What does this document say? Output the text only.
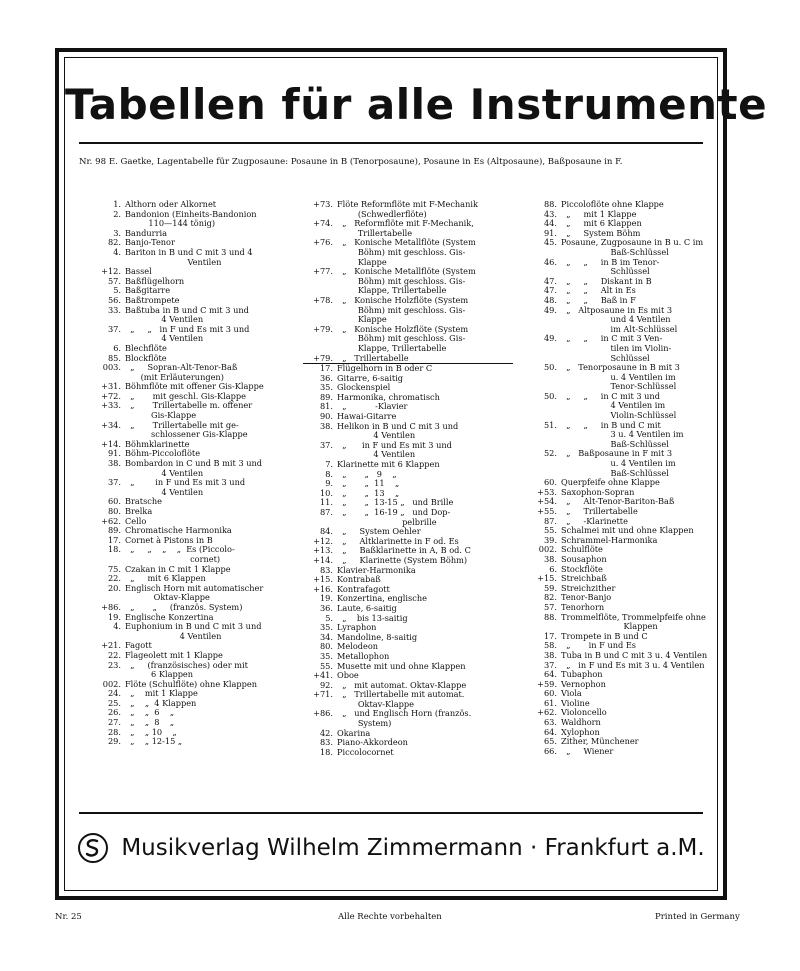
Tabellen für alle Instrumente
Nr. 98 E. Gaetke, Lagentabelle für Zugposaune: Posaune in B (Tenorposaune), Posaune in Es (Altposaune), Baßposaune in F.
1. Althorn oder Alkornet
2. Bandonion (Einheits-Bandonion
110—144 tönig)
3. Bandurria
82. Banjo-Tenor
4. Bariton in B und C mit 3 und 4
Ventilen
+12. Bassel
57. Baßflügelhorn
5. Baßgitarre
56. Baßtrompete
33. Baßtuba in B und C mit 3 und
4 Ventilen
37. „     „   in F und Es mit 3 und
4 Ventilen
6. Blechflöte
85. Blockflöte
003. „     Sopran-Alt-Tenor-Baß
(mit Erläuterungen)
+31. Böhmflöte mit offener Gis-Klappe
+72. „       mit geschl. Gis-Klappe
+33. „       Trillertabelle m. offener
Gis-Klappe
+34. „       Trillertabelle mit ge-
schlossener Gis-Klappe
+14. Böhmklarinette
91. Böhm-Piccoloflöte
38. Bombardon in C und B mit 3 und
4 Ventilen
37. „        in F und Es mit 3 und
4 Ventilen
60. Bratsche
80. Brelka
+62. Cello
89. Chromatische Harmonika
17. Cornet à Pistons in B
18. „     „    „    „  Es (Piccolo-
cornet)
75. Czakan in C mit 1 Klappe
22. „     mit 6 Klappen
20. Englisch Horn mit automatischer
Oktav-Klappe
+86. „       „     (französ. System)
19. Englische Konzertina
4. Euphonium in B und C mit 3 und
4 Ventilen
+21. Fagott
22. Flageolett mit 1 Klappe
23. „     (französisches) oder mit
6 Klappen
002. Flöte (Schulflöte) ohne Klappen
24. „    mit 1 Klappe
25. „    „  4 Klappen
26. „    „  6    „
27. „    „  8    „
28. „    „ 10    „
29. „    „ 12-15 „
+73. Flöte Reformflöte mit F-Mechanik
(Schwedlerflöte)
+74. „   Reformflöte mit F-Mechanik,
Trillertabelle
+76. „   Konische Metallflöte (System
Böhm) mit geschloss. Gis-
Klappe
+77. „   Konische Metallflöte (System
Böhm) mit geschloss. Gis-
Klappe, Trillertabelle
+78. „   Konische Holzflöte (System
Böhm) mit geschloss. Gis-
Klappe
+79. „   Konische Holzflöte (System
Böhm) mit geschloss. Gis-
Klappe, Trillertabelle
+79. „   Trillertabelle
17. Flügelhorn in B oder C
36. Gitarre, 6-saitig
35. Glockenspiel
89. Harmonika, chromatisch
81. „           -Klavier
90. Hawai-Gitarre
38. Helikon in B und C mit 3 und
4 Ventilen
37. „      in F und Es mit 3 und
4 Ventilen
7. Klarinette mit 6 Klappen
8. „       „   9    „
9. „       „  11    „
10. „       „  13    „
11. „       „  13-15 „   und Brille
87. „       „  16-19 „   und Dop-
pelbrille
84. „     System Oehler
+12. „     Altklarinette in F od. Es
+13. „     Baßklarinette in A, B od. C
+14. „     Klarinette (System Böhm)
83. Klavier-Harmonika
+15. Kontrabaß
+16. Kontrafagott
19. Konzertina, englische
36. Laute, 6-saitig
5. „    bis 13-saitig
35. Lyraphon
34. Mandoline, 8-saitig
80. Melodeon
35. Metallophon
55. Musette mit und ohne Klappen
+41. Oboe
92. „   mit automat. Oktav-Klappe
+71. „   Trillertabelle mit automat.
Oktav-Klappe
+86. „   und Englisch Horn (französ.
System)
42. Okarina
83. Piano-Akkordeon
18. Piccolocornet
88. Piccoloflöte ohne Klappe
43. „     mit 1 Klappe
44. „     mit 6 Klappen
91. „     System Böhm
45. Posaune, Zugposaune in B u. C im
Baß-Schlüssel
46. „     „     in B im Tenor-
Schlüssel
47. „     „     Diskant in B
47. „     „     Alt in Es
48. „     „     Baß in F
49. „   Altposaune in Es mit 3
und 4 Ventilen
im Alt-Schlüssel
49. „     „     in C mit 3 Ven-
tilen im Violin-
Schlüssel
50. „   Tenorposaune in B mit 3
u. 4 Ventilen im
Tenor-Schlüssel
50. „     „     in C mit 3 und
4 Ventilen im
Violin-Schlüssel
51. „     „     in B und C mit
3 u. 4 Ventilen im
Baß-Schlüssel
52. „   Baßposaune in F mit 3
u. 4 Ventilen im
Baß-Schlüssel
60. Querpfeife ohne Klappe
+53. Saxophon-Sopran
+54. „     Alt-Tenor-Bariton-Baß
+55. „     Trillertabelle
87. „     -Klarinette
55. Schalmei mit und ohne Klappen
39. Schrammel-Harmonika
002. Schulflöte
38. Sousaphon
6. Stockflöte
+15. Streichbaß
59. Streichzither
82. Tenor-Banjo
57. Tenorhorn
88. Trommelflöte, Trommelpfeife ohne
Klappen
17. Trompete in B und C
58. „       in F und Es
38. Tuba in B und C mit 3 u. 4 Ventilen
37. „   in F und Es mit 3 u. 4 Ventilen
64. Tubaphon
+59. Vernophon
60. Viola
61. Violine
+62. Violoncello
63. Waldhorn
64. Xylophon
65. Zither, Münchener
66. „     Wiener
Musikverlag Wilhelm Zimmermann · Frankfurt a.M.
Nr. 25	Alle Rechte vorbehalten	Printed in Germany
